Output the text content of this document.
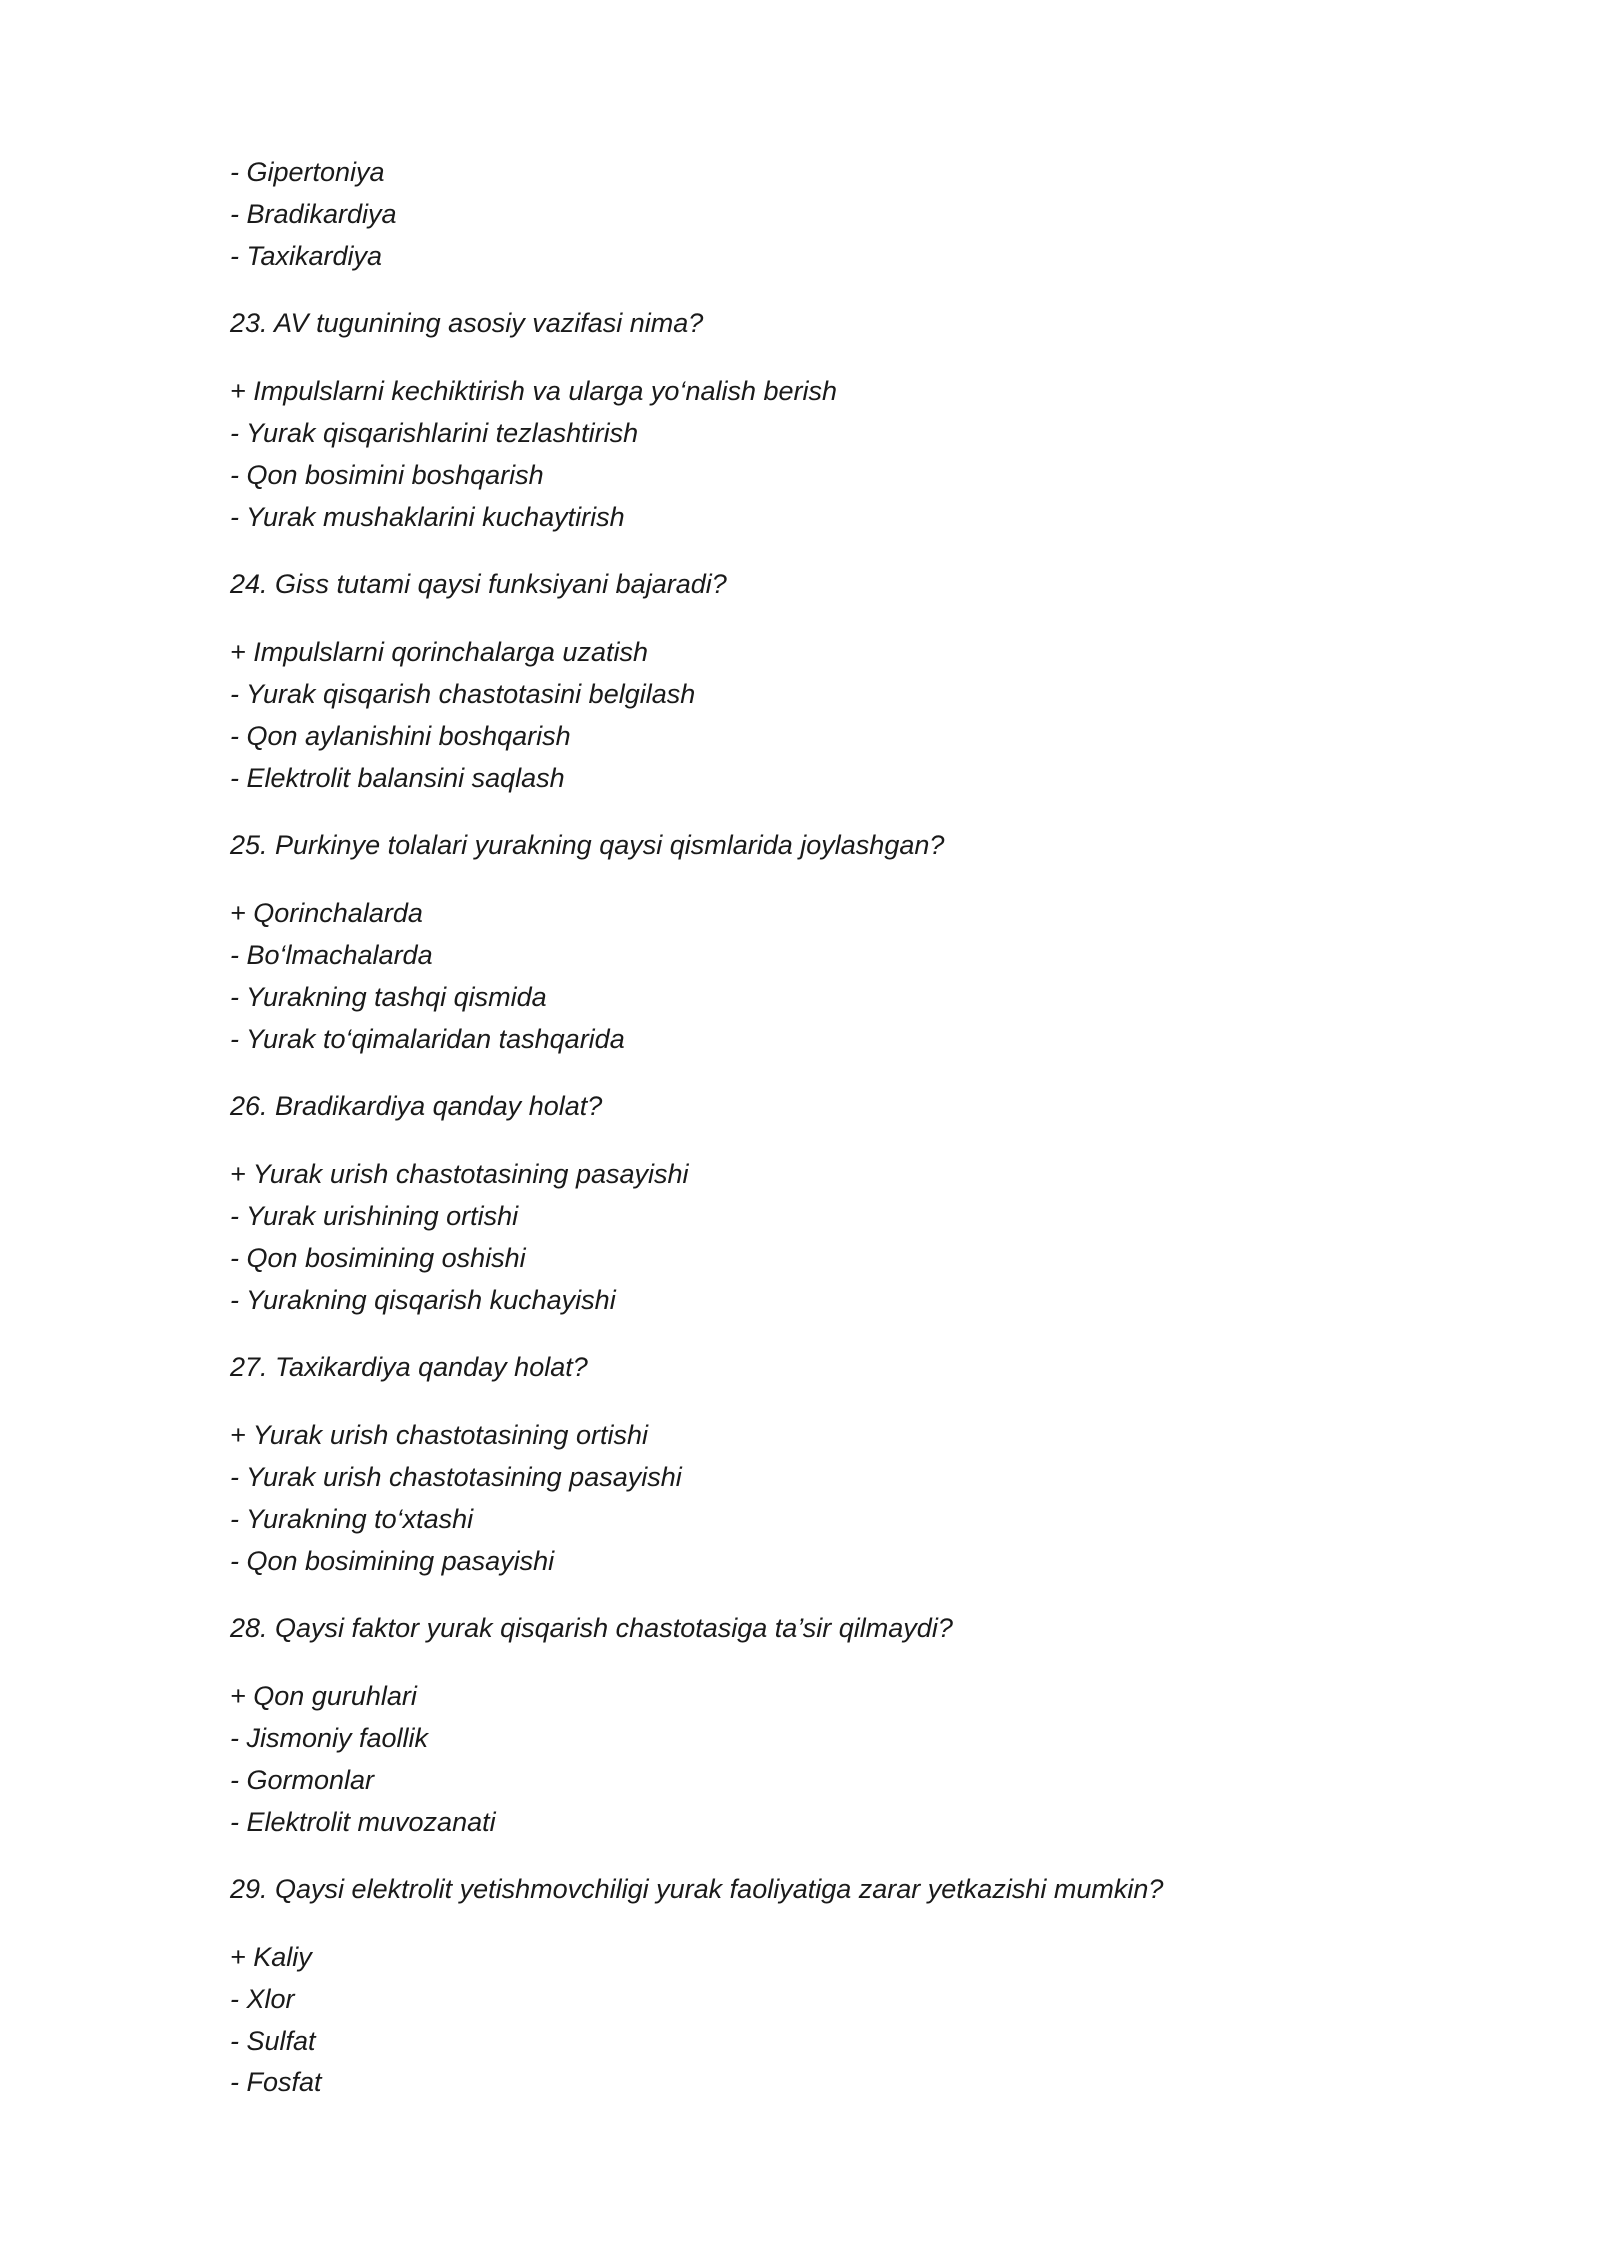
- Gipertoniya
- Bradikardiya
- Taxikardiya
23. AV tugunining asosiy vazifasi nima?
+ Impulslarni kechiktirish va ularga yo‘nalish berish
- Yurak qisqarishlarini tezlashtirish
- Qon bosimini boshqarish
- Yurak mushaklarini kuchaytirish
24. Giss tutami qaysi funksiyani bajaradi?
+ Impulslarni qorinchalarga uzatish
- Yurak qisqarish chastotasini belgilash
- Qon aylanishini boshqarish
- Elektrolit balansini saqlash
25. Purkinye tolalari yurakning qaysi qismlarida joylashgan?
+ Qorinchalarda
- Bo‘lmachalarda
- Yurakning tashqi qismida
- Yurak to‘qimalaridan tashqarida
26. Bradikardiya qanday holat?
+ Yurak urish chastotasining pasayishi
- Yurak urishining ortishi
- Qon bosimining oshishi
- Yurakning qisqarish kuchayishi
27. Taxikardiya qanday holat?
+ Yurak urish chastotasining ortishi
- Yurak urish chastotasining pasayishi
- Yurakning to‘xtashi
- Qon bosimining pasayishi
28. Qaysi faktor yurak qisqarish chastotasiga ta’sir qilmaydi?
+ Qon guruhlari
- Jismoniy faollik
- Gormonlar
- Elektrolit muvozanati
29. Qaysi elektrolit yetishmovchiligi yurak faoliyatiga zarar yetkazishi mumkin?
+ Kaliy
- Xlor
- Sulfat
- Fosfat
